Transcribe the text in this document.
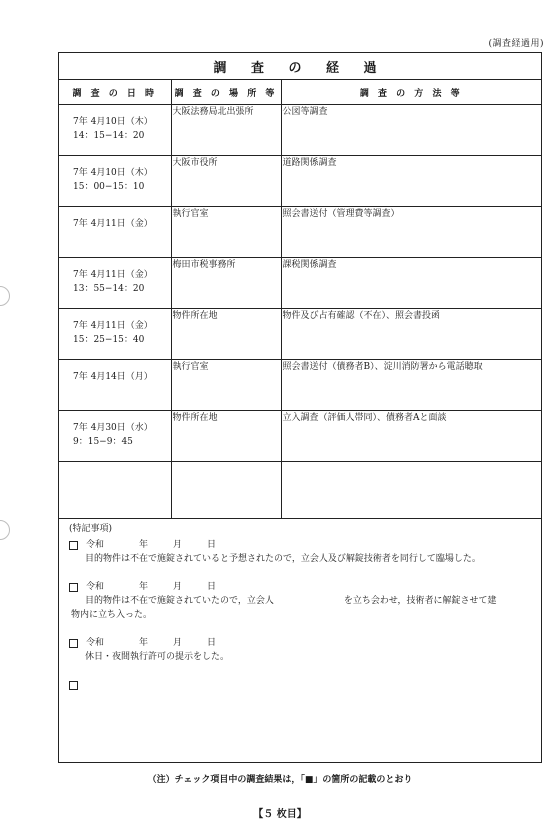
(調査経過用)
調 査 の 経 過
調 査 の 日 時	調 査 の 場 所 等	調 査 の 方 法 等

7年 4月10日（木）
14：15−14：20	大阪法務局北出張所	公図等調査

7年 4月10日（木）
15：00−15：10	大阪市役所	道路関係調査

7年 4月11日（金）	執行官室	照会書送付（管理費等調査）

7年 4月11日（金）
13：55−14：20	梅田市税事務所	課税関係調査

7年 4月11日（金）
15：25−15：40	物件所在地	物件及び占有確認（不在）、照会書投函

7年 4月14日（月）	執行官室	照会書送付（債務者B）、淀川消防署から電話聴取

7年 4月30日（水）
9：15−9：45	物件所在地	立入調査（評価人帯同）、債務者Aと面談

(特記事項)
令和	年	月	日
目的物件は不在で施錠されていると予想されたので，立会人及び解錠技術者を同行して臨場した。
令和	年	月	日
目的物件は不在で施錠されていたので，立会人	を立ち会わせ，技術者に解錠させて建
物内に立ち入った。
令和	年	月	日
休日・夜間執行許可の提示をした。
（注）チェック項目中の調査結果は，「■」の箇所の記載のとおり
【５ 枚目】
